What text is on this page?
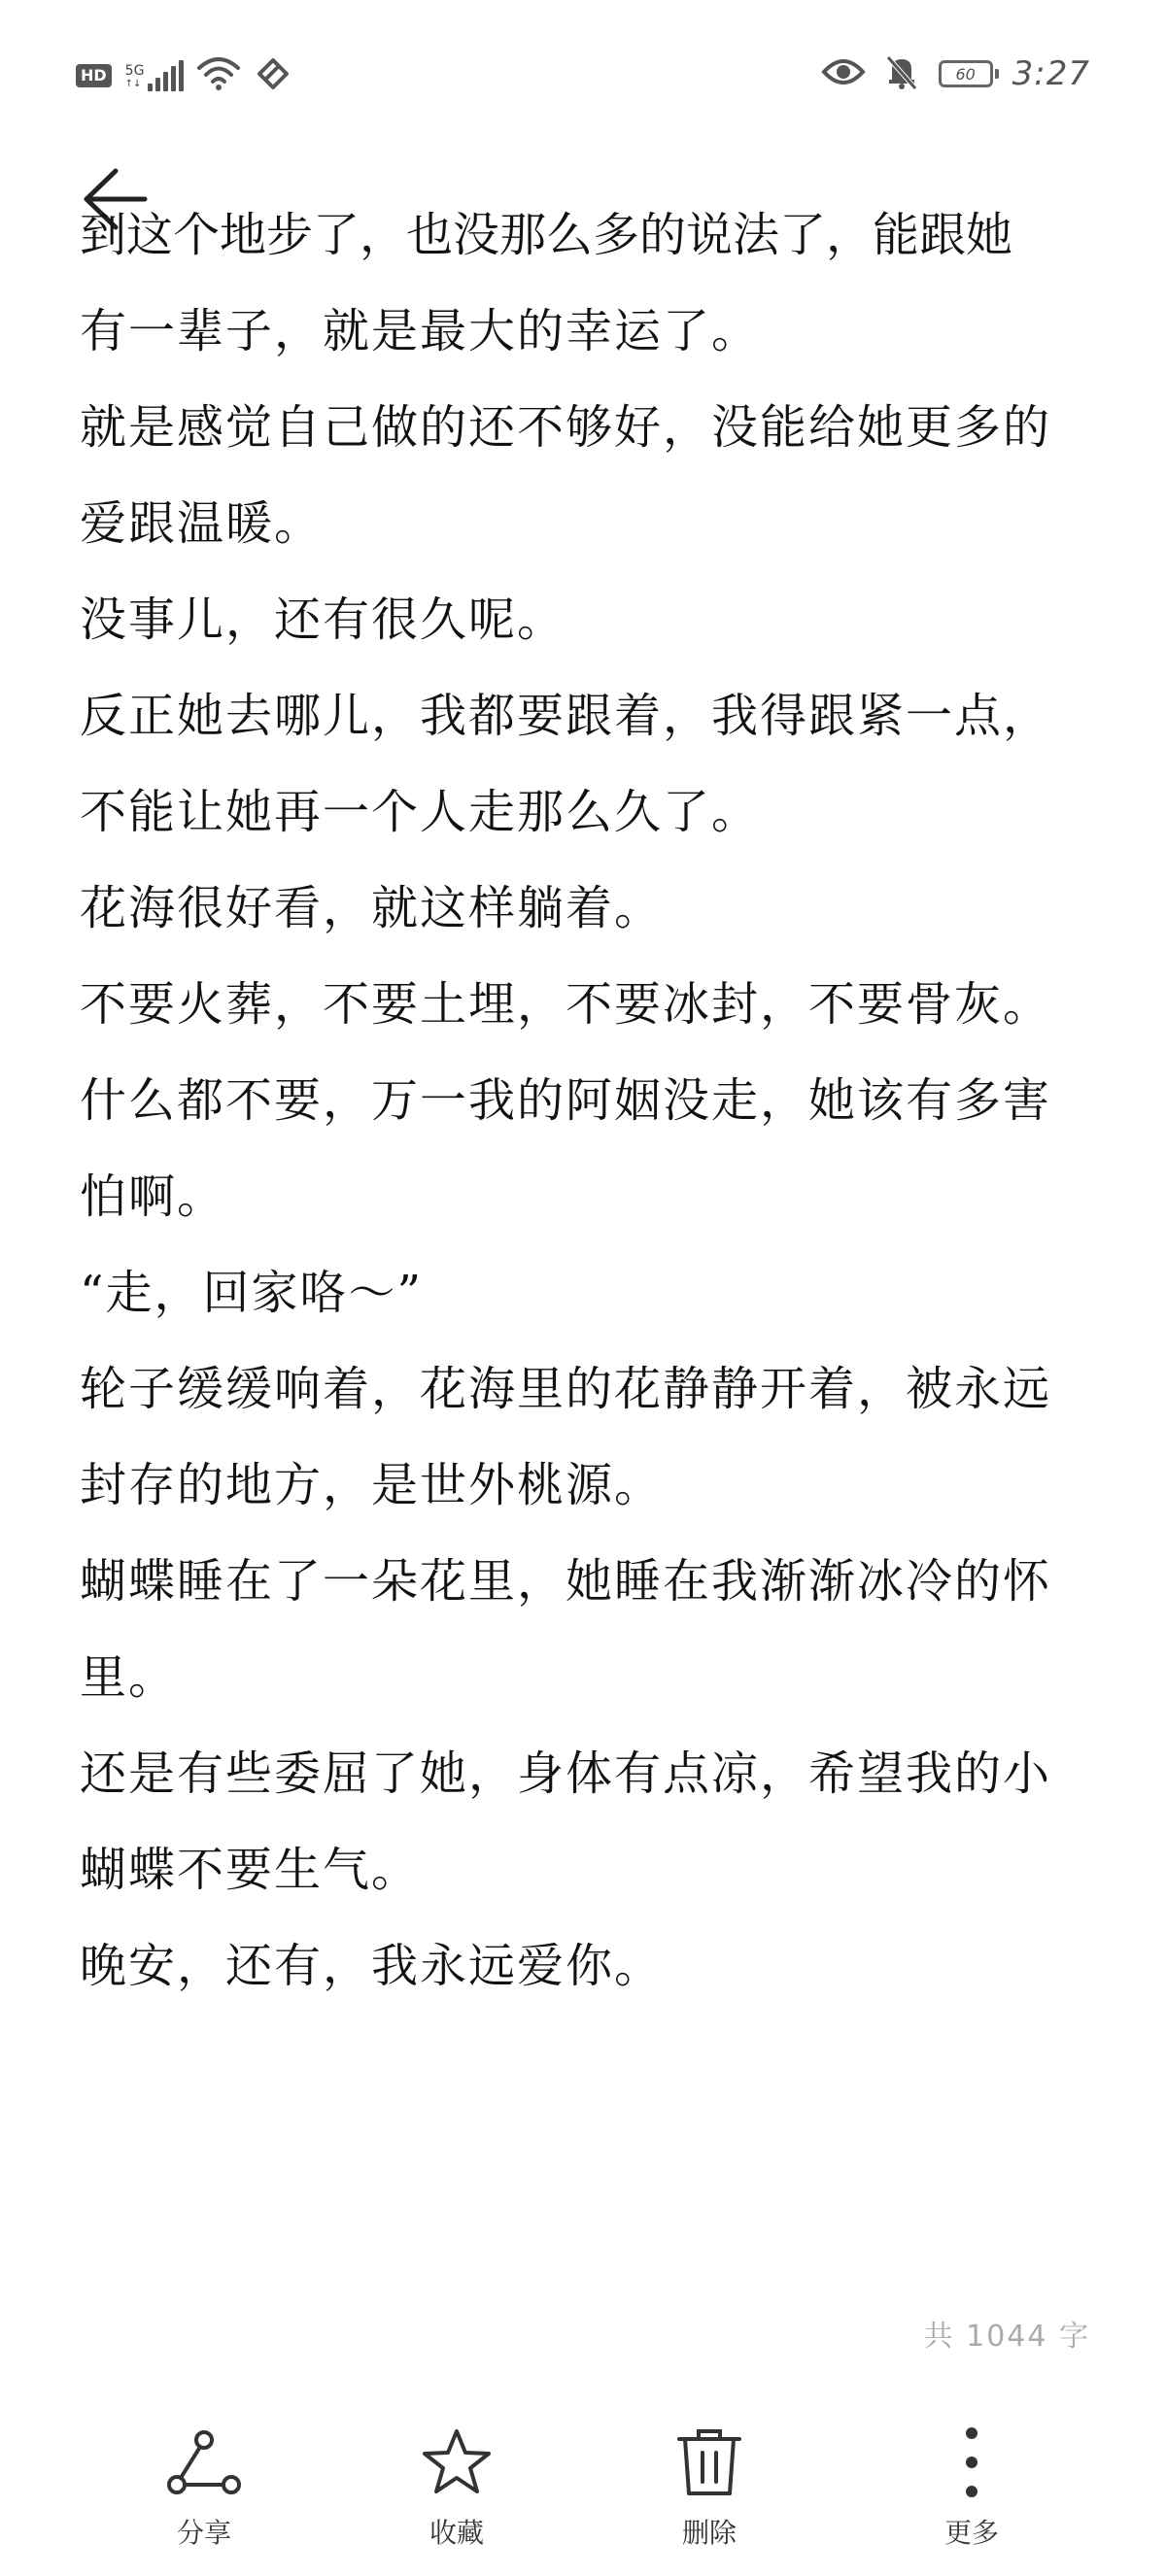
HD	5G
↑↓
60 3:27
到这个地步了，也没那么多的说法了，能跟她

有一辈子，就是最大的幸运了。

就是感觉自己做的还不够好，没能给她更多的爱跟温暖。

没事儿，还有很久呢。

反正她去哪儿，我都要跟着，我得跟紧一点，不能让她再一个人走那么久了。

花海很好看，就这样躺着。

不要火葬，不要土埋，不要冰封，不要骨灰。

什么都不要，万一我的阿姻没走，她该有多害怕啊。

“走，回家咯～”

轮子缓缓响着，花海里的花静静开着，被永远封存的地方，是世外桃源。

蝴蝶睡在了一朵花里，她睡在我渐渐冰冷的怀里。

还是有些委屈了她，身体有点凉，希望我的小蝴蝶不要生气。

晚安，还有，我永远爱你。

共 1044 字
分享	收藏	删除	更多
